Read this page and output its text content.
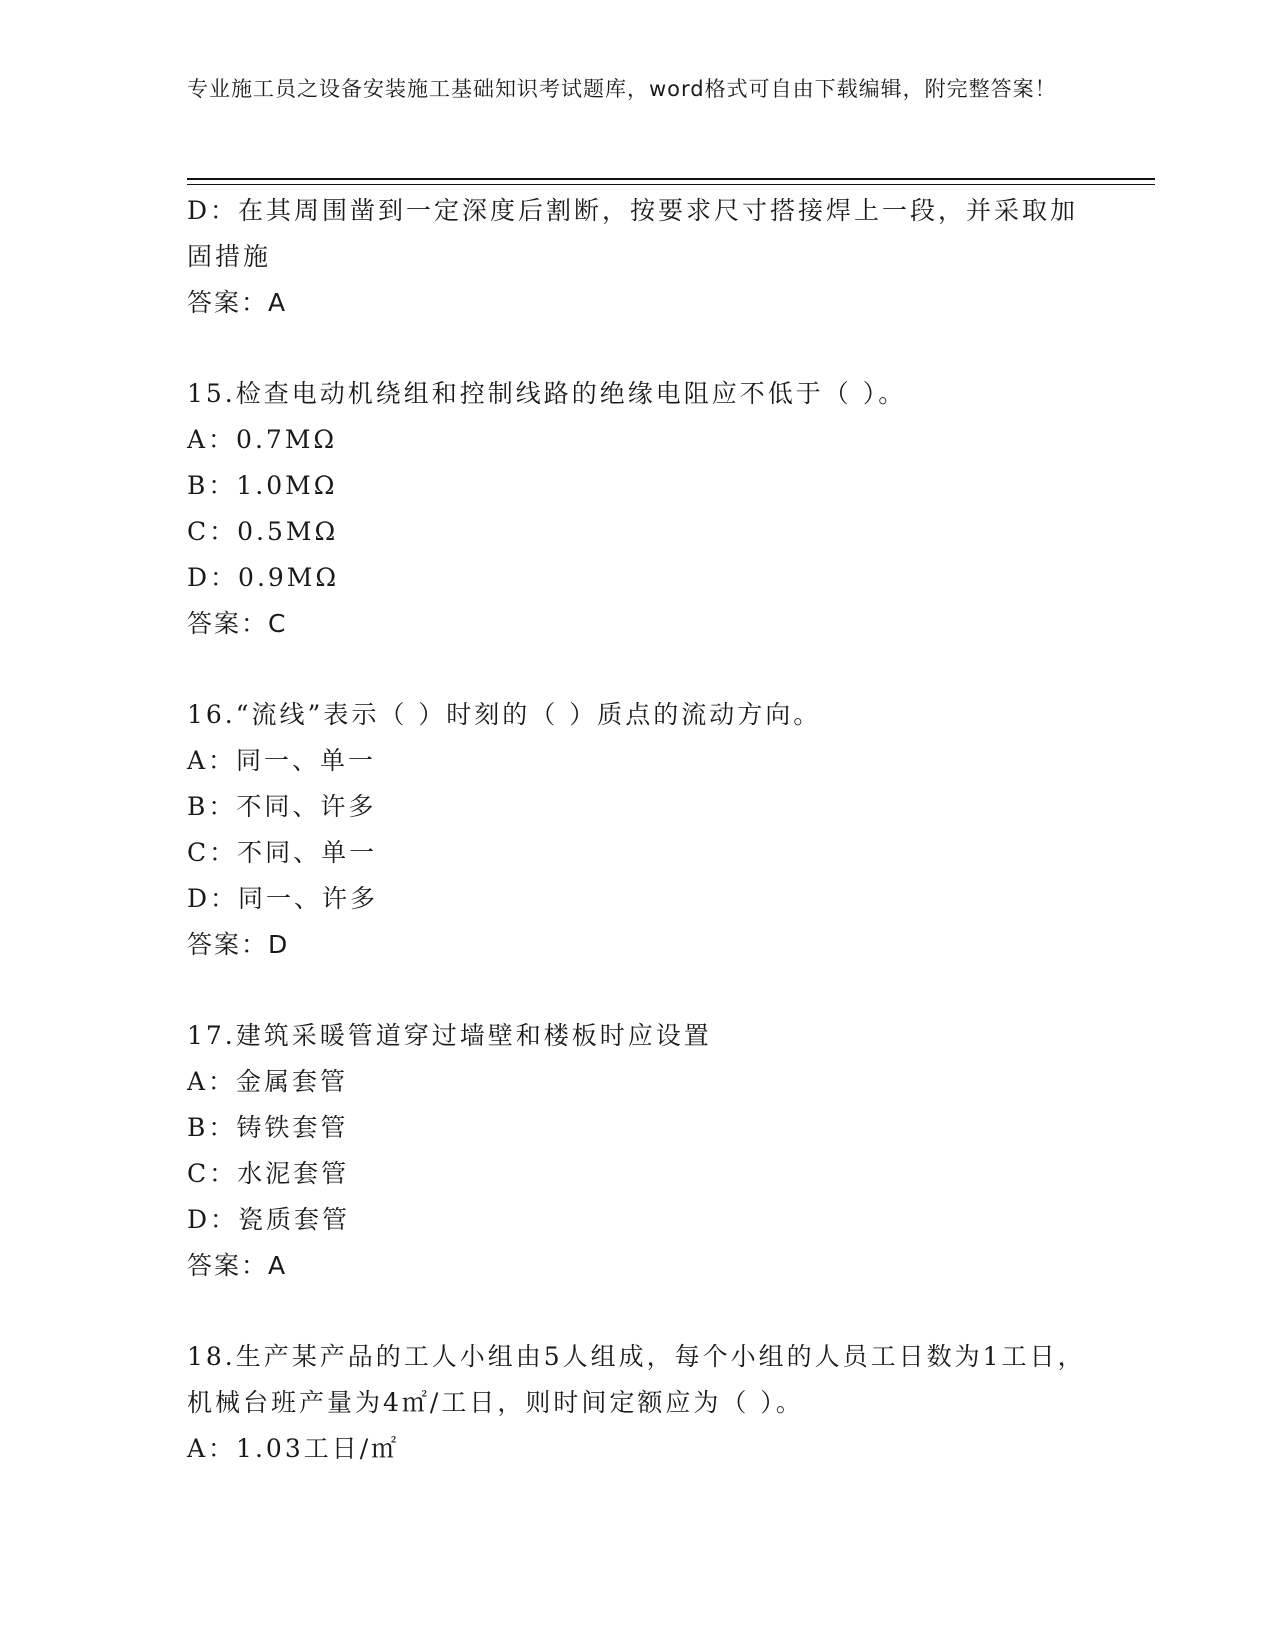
专业施工员之设备安装施工基础知识考试题库，word格式可自由下载编辑，附完整答案！
D：在其周围凿到一定深度后割断，按要求尺寸搭接焊上一段，并采取加固措施
答案：A
15.检查电动机绕组和控制线路的绝缘电阻应不低于（ ）。
A：0.7MΩ
B：1.0MΩ
C：0.5MΩ
D：0.9MΩ
答案：C
16.“流线”表示（ ）时刻的（ ）质点的流动方向。
A：同一、单一
B：不同、许多
C：不同、单一
D：同一、许多
答案：D
17.建筑采暖管道穿过墙壁和楼板时应设置
A：金属套管
B：铸铁套管
C：水泥套管
D：瓷质套管
答案：A
18.生产某产品的工人小组由5人组成，每个小组的人员工日数为1工日，机械台班产量为4㎡/工日，则时间定额应为（ ）。
A：1.03工日/㎡
